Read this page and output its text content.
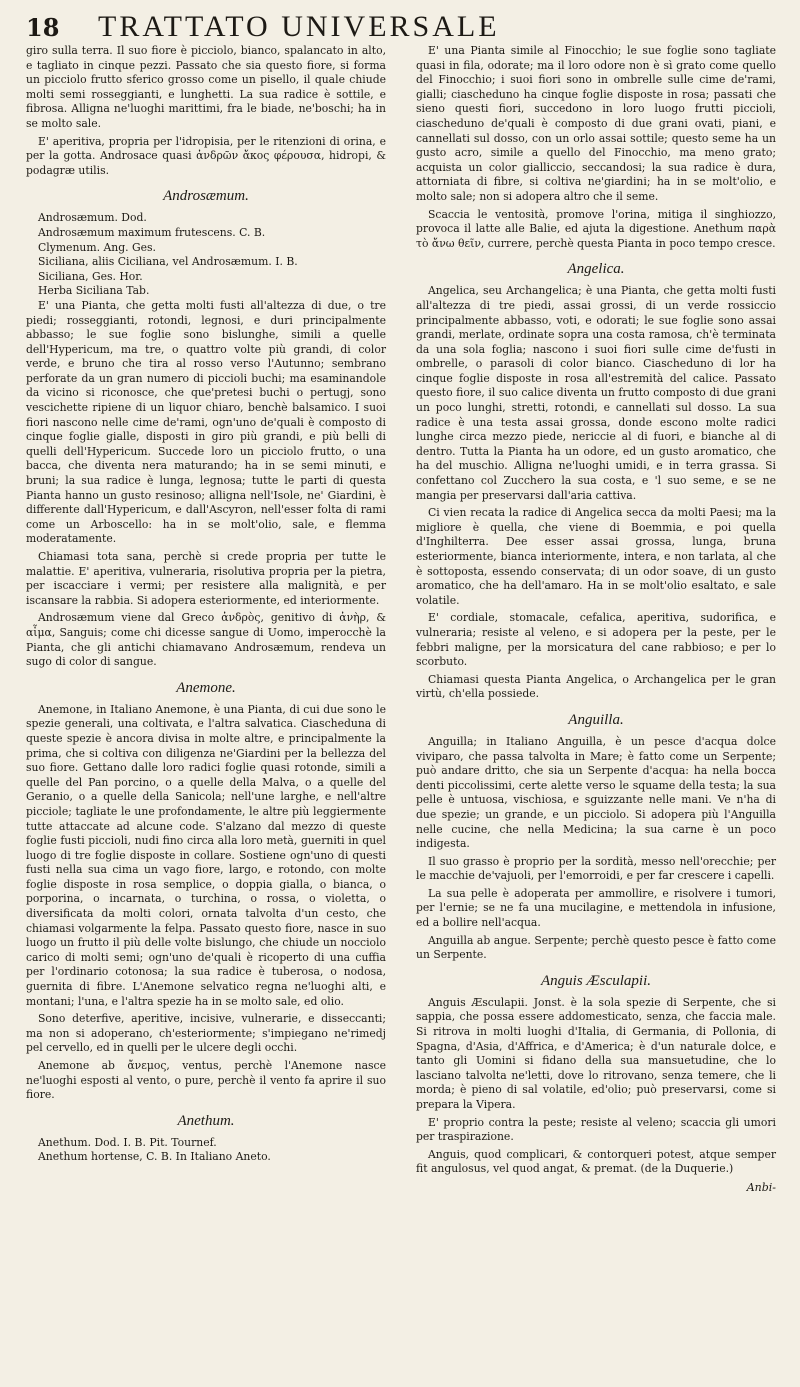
18	TRATTATO UNIVERSALE

giro sulla terra. Il suo fiore è picciolo, bianco, spalancato in alto, e tagliato in cinque pezzi. Passato che sia questo fiore, si forma un picciolo frutto sferico grosso come un pisello, il quale chiude molti semi rosseggianti, e lunghetti. La sua radice è sottile, e fibrosa. Alligna ne'luoghi marittimi, fra le biade, ne'boschi; ha in se molto sale.

E' aperitiva, propria per l'idropisia, per le ritenzioni di orina, e per la gotta. Androsace quasi ἀνδρῶν ἄκος φέρουσα, hidropi, & podagræ utilis.

Androsæmum.

Androsæmum. Dod.

Androsæmum maximum frutescens. C. B.

Clymenum. Ang. Ges.

Siciliana, aliis Ciciliana, vel Androsæmum. I. B.

Siciliana, Ges. Hor.

Herba Siciliana Tab.

E' una Pianta, che getta molti fusti all'altezza di due, o tre piedi; rosseggianti, rotondi, legnosi, e duri principalmente abbasso; le sue foglie sono bislunghe, simili a quelle dell'Hypericum, ma tre, o quattro volte più grandi, di color verde, e bruno che tira al rosso verso l'Autunno; sembrano perforate da un gran numero di piccioli buchi; ma esaminandole da vicino si riconosce, che que'pretesi buchi o pertugj, sono vescichette ripiene di un liquor chiaro, benchè balsamico. I suoi fiori nascono nelle cime de'rami, ogn'uno de'quali è composto di cinque foglie gialle, disposti in giro più grandi, e più belli di quelli dell'Hypericum. Succede loro un picciolo frutto, o una bacca, che diventa nera maturando; ha in se semi minuti, e bruni; la sua radice è lunga, legnosa; tutte le parti di questa Pianta hanno un gusto resinoso; alligna nell'Isole, ne' Giardini, è differente dall'Hypericum, e dall'Ascyron, nell'esser folta di rami come un Arboscello: ha in se molt'olio, sale, e flemma moderatamente.

Chiamasi tota sana, perchè si crede propria per tutte le malattie. E' aperitiva, vulneraria, risolutiva propria per la pietra, per iscacciare i vermi; per resistere alla malignità, e per iscansare la rabbia. Si adopera esteriormente, ed interiormente.

Androsæmum viene dal Greco ἀνδρὸς, genitivo di ἀνὴρ, & αἷμα, Sanguis; come chi dicesse sangue di Uomo, imperocchè la Pianta, che gli antichi chiamavano Androsæmum, rendeva un sugo di color di sangue.

Anemone.

Anemone, in Italiano Anemone, è una Pianta, di cui due sono le spezie generali, una coltivata, e l'altra salvatica. Ciascheduna di queste spezie è ancora divisa in molte altre, e principalmente la prima, che si coltiva con diligenza ne'Giardini per la bellezza del suo fiore. Gettano dalle loro radici foglie quasi rotonde, simili a quelle del Pan porcino, o a quelle della Malva, o a quelle del Geranio, o a quelle della Sanicola; nell'une larghe, e nell'altre picciole; tagliate le une profondamente, le altre più leggiermente tutte attaccate ad alcune code. S'alzano dal mezzo di queste foglie fusti piccioli, nudi fino circa alla loro metà, guerniti in quel luogo di tre foglie disposte in collare. Sostiene ogn'uno di questi fusti nella sua cima un vago fiore, largo, e rotondo, con molte foglie disposte in rosa semplice, o doppia gialla, o bianca, o porporina, o incarnata, o turchina, o rossa, o violetta, o diversificata da molti colori, ornata talvolta d'un cesto, che chiamasi volgarmente la felpa. Passato questo fiore, nasce in suo luogo un frutto il più delle volte bislungo, che chiude un nocciolo carico di molti semi; ogn'uno de'quali è ricoperto di una cuffia per l'ordinario cotonosa; la sua radice è tuberosa, o nodosa, guernita di fibre. L'Anemone selvatico regna ne'luoghi alti, e montani; l'una, e l'altra spezie ha in se molto sale, ed olio.

Sono deterfive, aperitive, incisive, vulnerarie, e disseccanti; ma non si adoperano, ch'esteriormente; s'impiegano ne'rimedj pel cervello, ed in quelli per le ulcere degli occhi.

Anemone ab ἄνεμος, ventus, perchè l'Anemone nasce ne'luoghi esposti al vento, o pure, perchè il vento fa aprire il suo fiore.

Anethum.

Anethum. Dod. I. B. Pit. Tournef.

Anethum hortense, C. B. In Italiano Aneto.

E' una Pianta simile al Finocchio; le sue foglie sono tagliate quasi in fila, odorate; ma il loro odore non è sì grato come quello del Finocchio; i suoi fiori sono in ombrelle sulle cime de'rami, gialli; ciascheduno ha cinque foglie disposte in rosa; passati che sieno questi fiori, succedono in loro luogo frutti piccioli, ciascheduno de'quali è composto di due grani ovati, piani, e cannellati sul dosso, con un orlo assai sottile; questo seme ha un gusto acro, simile a quello del Finocchio, ma meno grato; acquista un color gialliccio, seccandosi; la sua radice è dura, attorniata di fibre, si coltiva ne'giardini; ha in se molt'olio, e molto sale; non si adopera altro che il seme.

Scaccia le ventosità, promove l'orina, mitiga il singhiozzo, provoca il latte alle Balie, ed ajuta la digestione. Anethum παρὰ τὸ ἄνω θεῖν, currere, perchè questa Pianta in poco tempo cresce.

Angelica.

Angelica, seu Archangelica; è una Pianta, che getta molti fusti all'altezza di tre piedi, assai grossi, di un verde rossiccio principalmente abbasso, voti, e odorati; le sue foglie sono assai grandi, merlate, ordinate sopra una costa ramosa, ch'è terminata da una sola foglia; nascono i suoi fiori sulle cime de'fusti in ombrelle, o parasoli di color bianco. Ciascheduno di lor ha cinque foglie disposte in rosa all'estremità del calice. Passato questo fiore, il suo calice diventa un frutto composto di due grani un poco lunghi, stretti, rotondi, e cannellati sul dosso. La sua radice è una testa assai grossa, donde escono molte radici lunghe circa mezzo piede, nericcie al di fuori, e bianche al di dentro. Tutta la Pianta ha un odore, ed un gusto aromatico, che ha del muschio. Alligna ne'luoghi umidi, e in terra grassa. Si confettano col Zucchero la sua costa, e 'l suo seme, e se ne mangia per preservarsi dall'aria cattiva.

Ci vien recata la radice di Angelica secca da molti Paesi; ma la migliore è quella, che viene di Boemmia, e poi quella d'Inghilterra. Dee esser assai grossa, lunga, bruna esteriormente, bianca interiormente, intera, e non tarlata, al che è sottoposta, essendo conservata; di un odor soave, di un gusto aromatico, che ha dell'amaro. Ha in se molt'olio esaltato, e sale volatile.

E' cordiale, stomacale, cefalica, aperitiva, sudorifica, e vulneraria; resiste al veleno, e si adopera per la peste, per le febbri maligne, per la morsicatura del cane rabbioso; e per lo scorbuto.

Chiamasi questa Pianta Angelica, o Archangelica per le gran virtù, ch'ella possiede.

Anguilla.

Anguilla; in Italiano Anguilla, è un pesce d'acqua dolce viviparo, che passa talvolta in Mare; è fatto come un Serpente; può andare dritto, che sia un Serpente d'acqua: ha nella bocca denti piccolissimi, certe alette verso le squame della testa; la sua pelle è untuosa, vischiosa, e sguizzante nelle mani. Ve n'ha di due spezie; un grande, e un picciolo. Si adopera più l'Anguilla nelle cucine, che nella Medicina; la sua carne è un poco indigesta.

Il suo grasso è proprio per la sordità, messo nell'orecchie; per le macchie de'vajuoli, per l'emorroidi, e per far crescere i capelli.

La sua pelle è adoperata per ammollire, e risolvere i tumori, per l'ernie; se ne fa una mucilagine, e mettendola in infusione, ed a bollire nell'acqua.

Anguilla ab angue. Serpente; perchè questo pesce è fatto come un Serpente.

Anguis Æsculapii.

Anguis Æsculapii. Jonst. è la sola spezie di Serpente, che si sappia, che possa essere addomesticato, senza, che faccia male. Si ritrova in molti luoghi d'Italia, di Germania, di Pollonia, di Spagna, d'Asia, d'Affrica, e d'America; è d'un naturale dolce, e tanto gli Uomini si fidano della sua mansuetudine, che lo lasciano talvolta ne'letti, dove lo ritrovano, senza temere, che li morda; è pieno di sal volatile, ed'olio; può preservarsi, come si prepara la Vipera.

E' proprio contra la peste; resiste al veleno; scaccia gli umori per traspirazione.

Anguis, quod complicari, & contorqueri potest, atque semper fit angulosus, vel quod angat, & premat. (de la Duquerie.)

Anbi-
